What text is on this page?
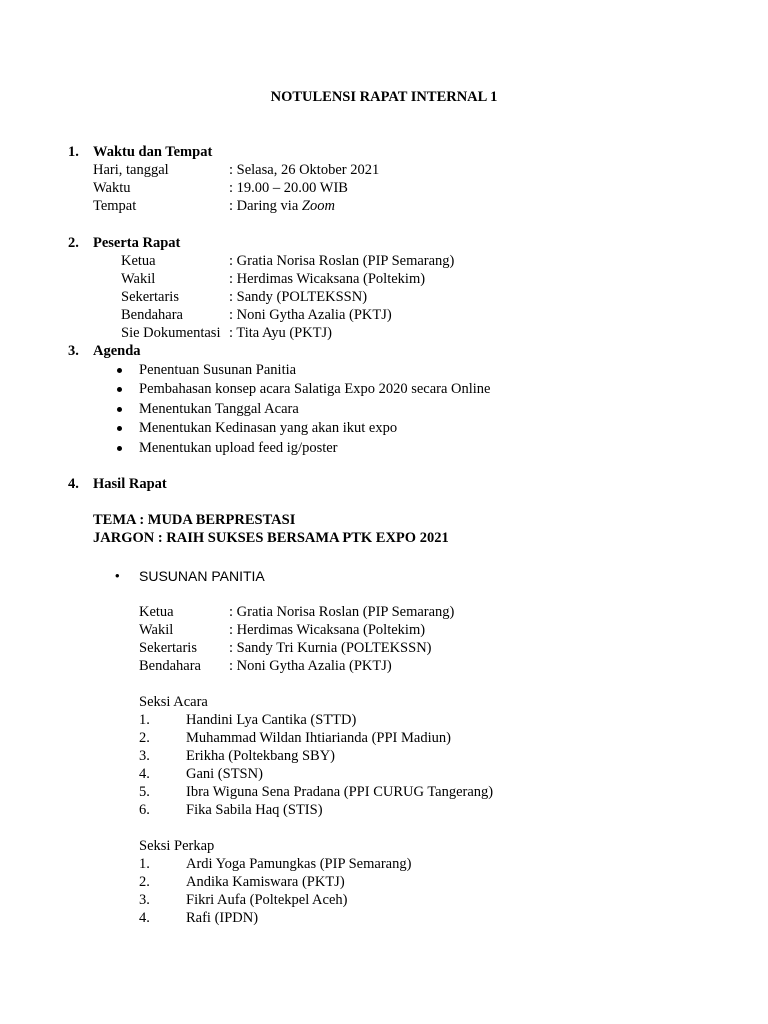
NOTULENSI RAPAT INTERNAL 1
1. Waktu dan Tempat
Hari, tanggal	: Selasa, 26 Oktober 2021
Waktu	: 19.00 – 20.00 WIB
Tempat	: Daring via Zoom
2. Peserta Rapat
Ketua	: Gratia Norisa Roslan (PIP Semarang)
Wakil	: Herdimas Wicaksana (Poltekim)
Sekertaris	: Sandy (POLTEKSSN)
Bendahara	: Noni Gytha Azalia (PKTJ)
Sie Dokumentasi : Tita Ayu (PKTJ)
3. Agenda
Penentuan Susunan Panitia
Pembahasan konsep acara Salatiga Expo 2020 secara Online
Menentukan Tanggal Acara
Menentukan Kedinasan yang akan ikut expo
Menentukan upload feed ig/poster
4. Hasil Rapat
TEMA : MUDA BERPRESTASI
JARGON : RAIH SUKSES BERSAMA PTK EXPO 2021
• SUSUNAN PANITIA
Ketua	: Gratia Norisa Roslan (PIP Semarang)
Wakil	: Herdimas Wicaksana (Poltekim)
Sekertaris : Sandy Tri Kurnia (POLTEKSSN)
Bendahara : Noni Gytha Azalia (PKTJ)
Seksi Acara
1. Handini Lya Cantika (STTD)
2. Muhammad Wildan Ihtiarianda (PPI Madiun)
3. Erikha (Poltekbang SBY)
4. Gani (STSN)
5. Ibra Wiguna Sena Pradana (PPI CURUG Tangerang)
6. Fika Sabila Haq (STIS)
Seksi Perkap
1. Ardi Yoga Pamungkas (PIP Semarang)
2. Andika Kamiswara (PKTJ)
3. Fikri Aufa (Poltekpel Aceh)
4. Rafi (IPDN)
